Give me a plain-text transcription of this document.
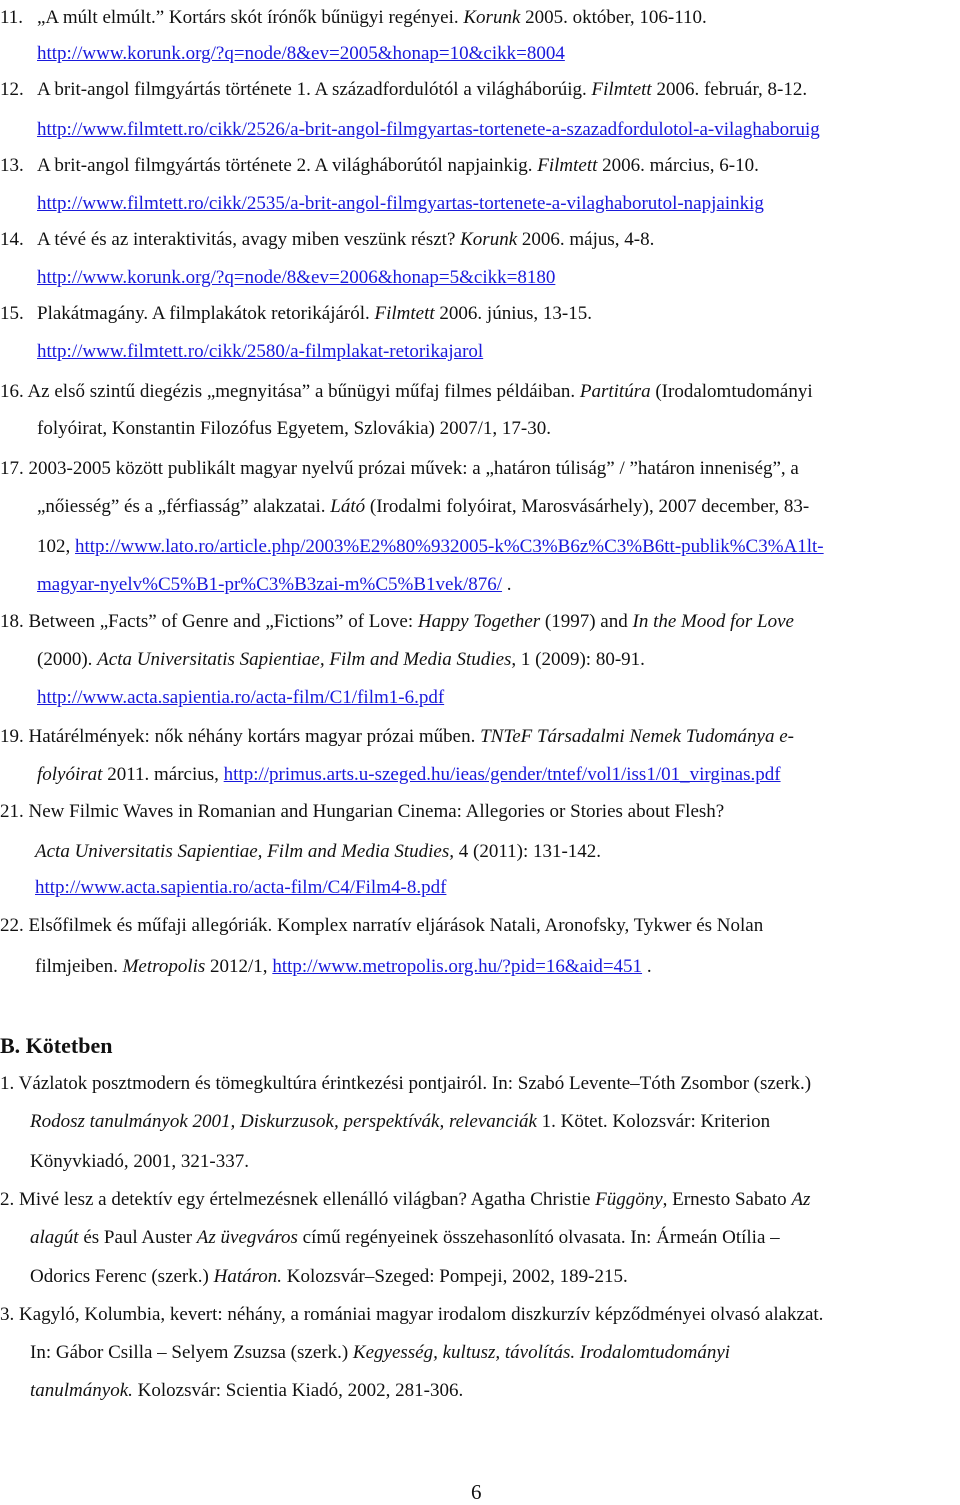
11. „A múlt elmúlt.” Kortárs skót írónők bűnügyi regényei. Korunk 2005. október, 106-110.
http://www.korunk.org/?q=node/8&ev=2005&honap=10&cikk=8004
12. A brit-angol filmgyártás története 1. A századfordulótól a világháborúig. Filmtett 2006. február, 8-12.
http://www.filmtett.ro/cikk/2526/a-brit-angol-filmgyartas-tortenete-a-szazadfordulotol-a-vilaghaboruig
13. A brit-angol filmgyártás története 2. A világháborútól napjainkig. Filmtett 2006. március, 6-10.
http://www.filmtett.ro/cikk/2535/a-brit-angol-filmgyartas-tortenete-a-vilaghaborutol-napjainkig
14. A tévé és az interaktivitás, avagy miben veszünk részt? Korunk 2006. május, 4-8.
http://www.korunk.org/?q=node/8&ev=2006&honap=5&cikk=8180
15. Plakátmagány. A filmplakátok retorikájáról. Filmtett 2006. június, 13-15.
http://www.filmtett.ro/cikk/2580/a-filmplakat-retorikajarol
16. Az első szintű diegézis „megnyitása” a bűnügyi műfaj filmes példáiban. Partitúra (Irodalomtudományi
folyóirat, Konstantin Filozófus Egyetem, Szlovákia) 2007/1, 17-30.
17. 2003-2005 között publikált magyar nyelvű prózai művek: a „határon túliság” / ”határon inneniség”, a
„nőiesség” és a „férfiasság” alakzatai. Látó (Irodalmi folyóirat, Marosvásárhely), 2007 december, 83-
102, http://www.lato.ro/article.php/2003%E2%80%932005-k%C3%B6z%C3%B6tt-publik%C3%A1lt-
magyar-nyelv%C5%B1-pr%C3%B3zai-m%C5%B1vek/876/ .
18. Between „Facts” of Genre and „Fictions” of Love: Happy Together (1997) and In the Mood for Love
(2000). Acta Universitatis Sapientiae, Film and Media Studies, 1 (2009): 80-91.
http://www.acta.sapientia.ro/acta-film/C1/film1-6.pdf
19. Határélmények: nők néhány kortárs magyar prózai műben. TNTeF Társadalmi Nemek Tudománya e-
folyóirat 2011. március, http://primus.arts.u-szeged.hu/ieas/gender/tntef/vol1/iss1/01_virginas.pdf
21. New Filmic Waves in Romanian and Hungarian Cinema: Allegories or Stories about Flesh?
Acta Universitatis Sapientiae, Film and Media Studies, 4 (2011): 131-142.
http://www.acta.sapientia.ro/acta-film/C4/Film4-8.pdf
22. Elsőfilmek és műfaji allegóriák. Komplex narratív eljárások Natali, Aronofsky, Tykwer és Nolan
filmjeiben. Metropolis 2012/1, http://www.metropolis.org.hu/?pid=16&aid=451 .
B. Kötetben
1. Vázlatok posztmodern és tömegkultúra érintkezési pontjairól. In: Szabó Levente–Tóth Zsombor (szerk.)
Rodosz tanulmányok 2001, Diskurzusok, perspektívák, relevanciák 1. Kötet. Kolozsvár: Kriterion
Könyvkiadó, 2001, 321-337.
2. Mivé lesz a detektív egy értelmezésnek ellenálló világban? Agatha Christie Függöny, Ernesto Sabato Az
alagút és Paul Auster Az üvegváros című regényeinek összehasonlító olvasata. In: Ármeán Otília –
Odorics Ferenc (szerk.) Határon. Kolozsvár–Szeged: Pompeji, 2002, 189-215.
3. Kagyló, Kolumbia, kevert: néhány, a romániai magyar irodalom diszkurzív képződményei olvasó alakzat.
In: Gábor Csilla – Selyem Zsuzsa (szerk.) Kegyesség, kultusz, távolítás. Irodalomtudományi
tanulmányok. Kolozsvár: Scientia Kiadó, 2002, 281-306.
6
